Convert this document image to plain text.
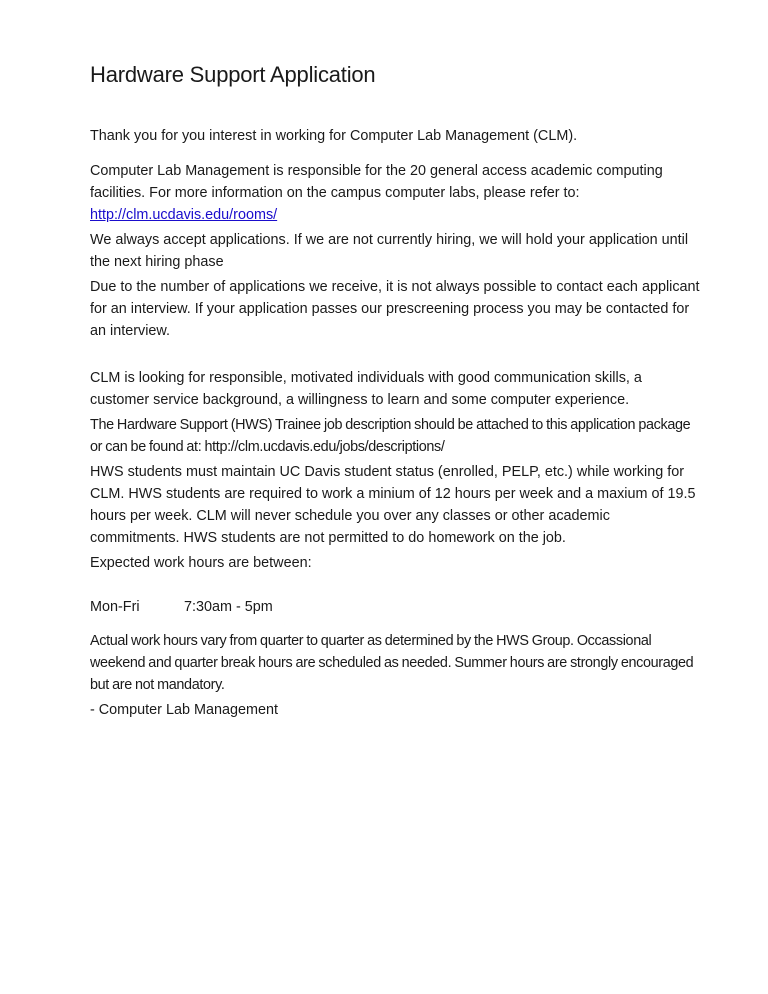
Hardware Support Application

Thank you for you interest in working for Computer Lab Management (CLM).

Computer Lab Management is responsible for the 20 general access academic computing facilities. For more information on the campus computer labs, please refer to: http://clm.ucdavis.edu/rooms/

We always accept applications. If we are not currently hiring, we will hold your application until the next hiring phase

Due to the number of applications we receive, it is not always possible to contact each applicant for an interview. If your application passes our prescreening process you may be contacted for an interview.

CLM is looking for responsible, motivated individuals with good communication skills, a customer service background, a willingness to learn and some computer experience.

The Hardware Support (HWS) Trainee job description should be attached to this application package or can be found at: http://clm.ucdavis.edu/jobs/descriptions/

HWS students must maintain UC Davis student status (enrolled, PELP, etc.) while working for CLM. HWS students are required to work a minium of 12 hours per week and a maxium of 19.5 hours per week. CLM will never schedule you over any classes or other academic commitments. HWS students are not permitted to do homework on the job.

Expected work hours are between:

Mon-Fri	7:30am - 5pm

Actual work hours vary from quarter to quarter as determined by the HWS Group. Occassional weekend and quarter break hours are scheduled as needed. Summer hours are strongly encouraged but are not mandatory.

- Computer Lab Management
